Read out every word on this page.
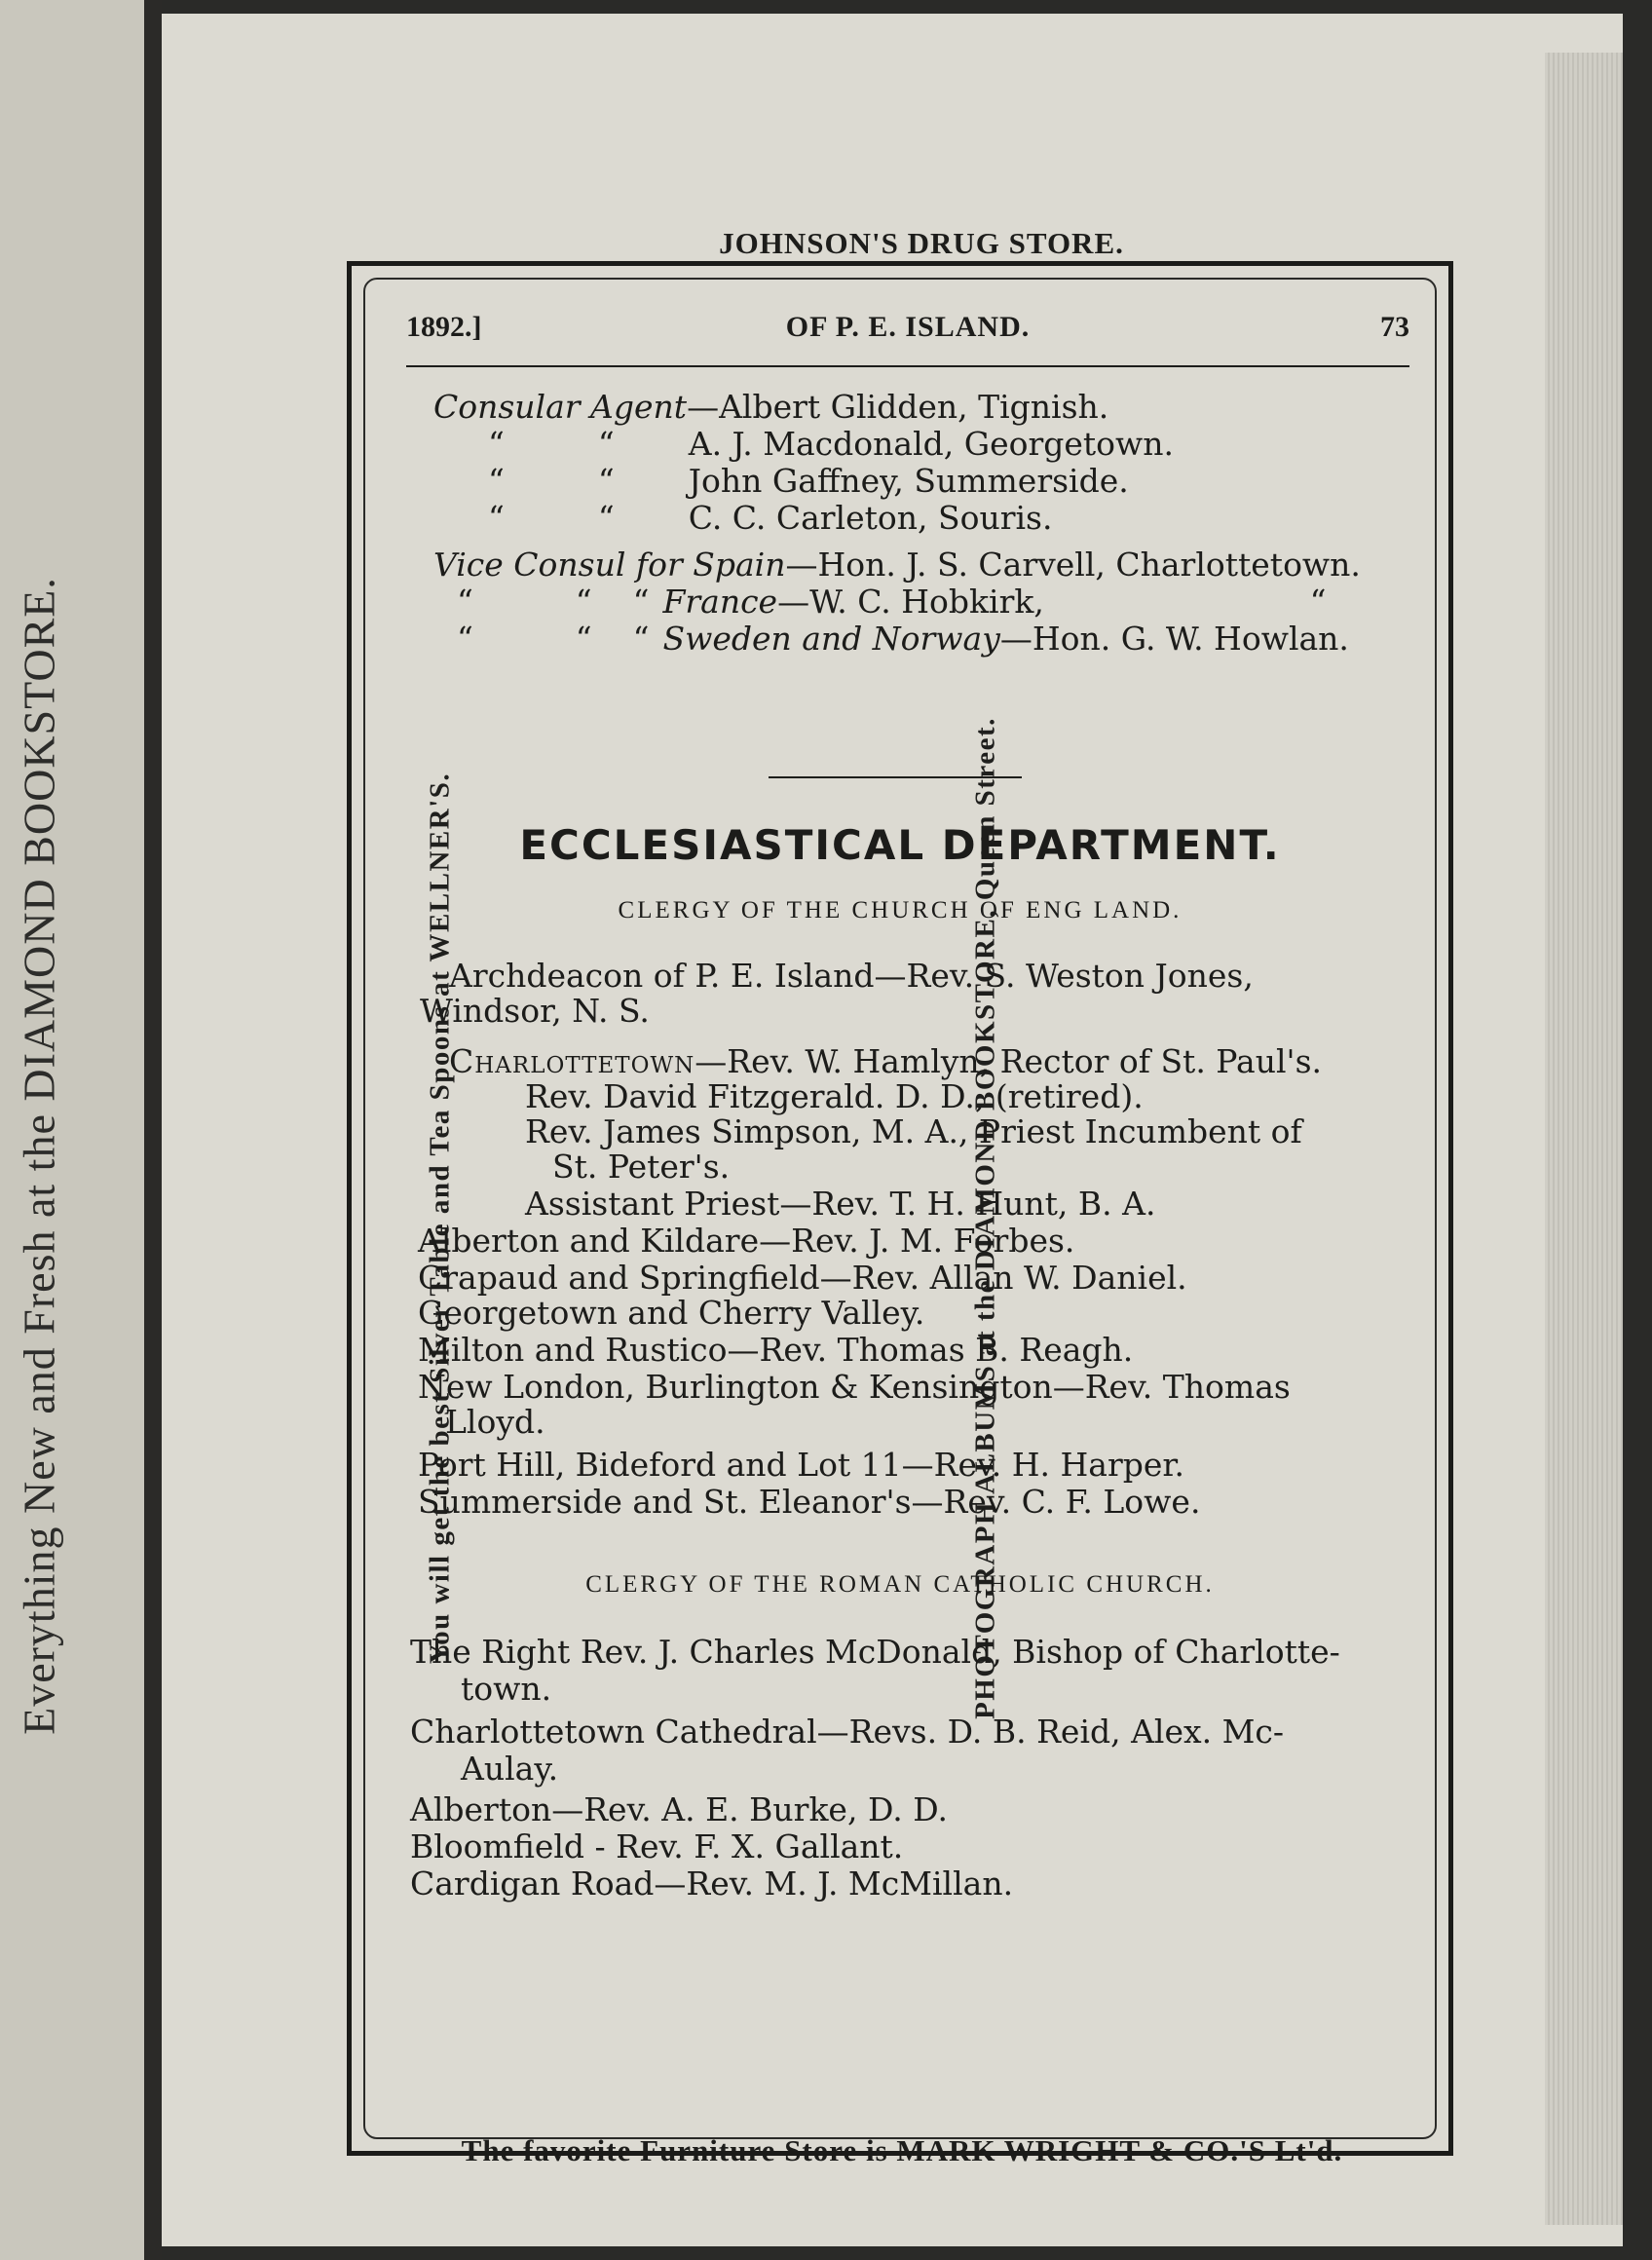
Everything New and Fresh at the DIAMOND BOOKSTORE.
JOHNSON'S DRUG STORE.
You will get the best Silver Table and Tea Spoons at WELLNER'S.	PHOTOGRAPH ALBUMS at the DIAMOND BOOKSTORE, Queen Street.
The favorite Furniture Store is MARK WRIGHT & CO.'S Lt'd.
1892.]	OF P. E. ISLAND.	73
Consular Agent—Albert Glidden, Tignish.
“	“ A. J. Macdonald, Georgetown.
“	“ John Gaffney, Summerside.
“	“ C. C. Carleton, Souris.
Vice Consul for Spain—Hon. J. S. Carvell, Charlottetown.
“          “    “ France—W. C. Hobkirk,                          “
“          “    “ Sweden and Norway—Hon. G. W. Howlan.
ECCLESIASTICAL DEPARTMENT.
CLERGY OF THE CHURCH OF ENG LAND.
Archdeacon of P. E. Island—Rev. S. Weston Jones,
Windsor, N. S.
Charlottetown—Rev. W. Hamlyn, Rector of St. Paul's.
Rev. David Fitzgerald. D. D., (retired).
Rev. James Simpson, M. A., Priest Incumbent of
St. Peter's.
Assistant Priest—Rev. T. H. Hunt, B. A.
Alberton and Kildare—Rev. J. M. Forbes.
Crapaud and Springfield—Rev. Allan W. Daniel.
Georgetown and Cherry Valley.
Milton and Rustico—Rev. Thomas B. Reagh.
New London, Burlington & Kensington—Rev. Thomas
Lloyd.
Port Hill, Bideford and Lot 11—Rev. H. Harper.
Summerside and St. Eleanor's—Rev. C. F. Lowe.
CLERGY OF THE ROMAN CATHOLIC CHURCH.
The Right Rev. J. Charles McDonald, Bishop of Charlotte-
town.
Charlottetown Cathedral—Revs. D. B. Reid, Alex. Mc-
Aulay.
Alberton—Rev. A. E. Burke, D. D.
Bloomfield - Rev. F. X. Gallant.
Cardigan Road—Rev. M. J. McMillan.
